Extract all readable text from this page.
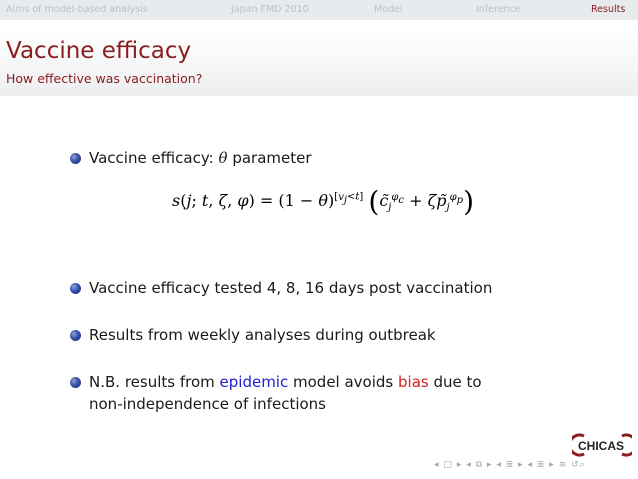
Aims of model-based analysis	Japan FMD 2010	Model	Inference	Results
Vaccine efficacy
How effective was vaccination?
Vaccine efficacy: θ parameter
s(j; t, ζ, φ) = (1 − θ)[vj<t] ($c̃_j^{\varphi_c}$ + $\zeta p̃_j^{\varphi_p}$)
Vaccine efficacy tested 4, 8, 16 days post vaccination
Results from weekly analyses during outbreak
N.B. results from epidemic model avoids bias due to
non-independence of infections
CHICAS
◂ □ ▸ ◂ ⧉ ▸ ◂ ≣ ▸ ◂ ≣ ▸ ≡ ↺⌕
